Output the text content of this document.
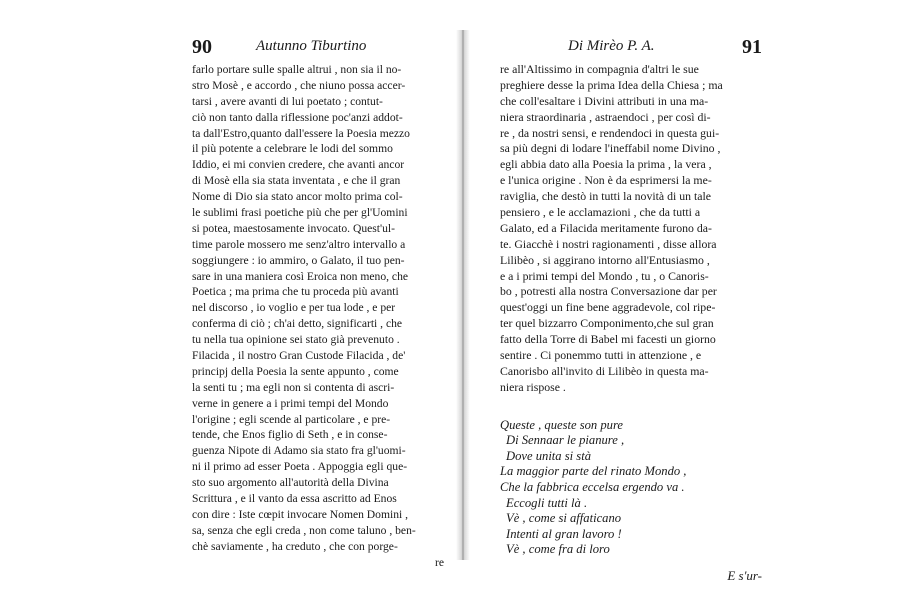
90	Autunno Tiburtino
farlo portare sulle spalle altrui , non sia il no-
stro Mosè , e accordo , che niuno possa accer-
tarsi , avere avanti di lui poetato ; contut-
ciò non tanto dalla riflessione poc'anzi addot-
ta dall'Estro,quanto dall'essere la Poesia mezzo
il più potente a celebrare le lodi del sommo
Iddio, ei mi convien credere, che avanti ancor
di Mosè ella sia stata inventata , e che il gran
Nome di Dio sia stato ancor molto prima col-
le sublimi frasi poetiche più che per gl'Uomini
si potea, maestosamente invocato. Quest'ul-
time parole mossero me senz'altro intervallo a
soggiungere : io ammiro, o Galato, il tuo pen-
sare in una maniera così Eroica non meno, che
Poetica ; ma prima che tu proceda più avanti
nel discorso , io voglio e per tua lode , e per
conferma di ciò ; ch'ai detto, significarti , che
tu nella tua opinione sei stato già prevenuto .
Filacida , il nostro Gran Custode Filacida , de'
principj della Poesia la sente appunto , come
la senti tu ; ma egli non si contenta di ascri-
verne in genere a i primi tempi del Mondo
l'origine ; egli scende al particolare , e pre-
tende, che Enos figlio di Seth , e in conse-
guenza Nipote di Adamo sia stato fra gl'uomi-
ni il primo ad esser Poeta . Appoggia egli que-
sto suo argomento all'autorità della Divina
Scrittura , e il vanto da essa ascritto ad Enos
con dire : Iste cœpit invocare Nomen Domini ,
sa, senza che egli creda , non come taluno , ben-
chè saviamente , ha creduto , che con porge-
re
Di Mirèo P. A.	91
re all'Altissimo in compagnia d'altri le sue
preghiere desse la prima Idea della Chiesa ; ma
che coll'esaltare i Divini attributi in una ma-
niera straordinaria , astraendoci , per così di-
re , da nostri sensi, e rendendoci in questa gui-
sa più degni di lodare l'ineffabil nome Divino ,
egli abbia dato alla Poesia la prima , la vera ,
e l'unica origine . Non è da esprimersi la me-
raviglia, che destò in tutti la novità di un tale
pensiero , e le acclamazioni , che da tutti a
Galato, ed a Filacida meritamente furono da-
te. Giacchè i nostri ragionamenti , disse allora
Lilibèo , si aggirano intorno all'Entusiasmo ,
e a i primi tempi del Mondo , tu , o Canoris-
bo , potresti alla nostra Conversazione dar per
quest'oggi un fine bene aggradevole, col ripe-
ter quel bizzarro Componimento,che sul gran
fatto della Torre di Babel mi facesti un giorno
sentire . Ci ponemmo tutti in attenzione , e
Canorisbo all'invito di Lilibèo in questa ma-
niera rispose .
Queste , queste son pure
Di Sennaar le pianure ,
Dove unita si stà
La maggior parte del rinato Mondo ,
Che la fabbrica eccelsa ergendo va .
Eccogli tutti là .
Vè , come si affaticano
Intenti al gran lavoro !
Vè , come fra di loro
E s'ur-
